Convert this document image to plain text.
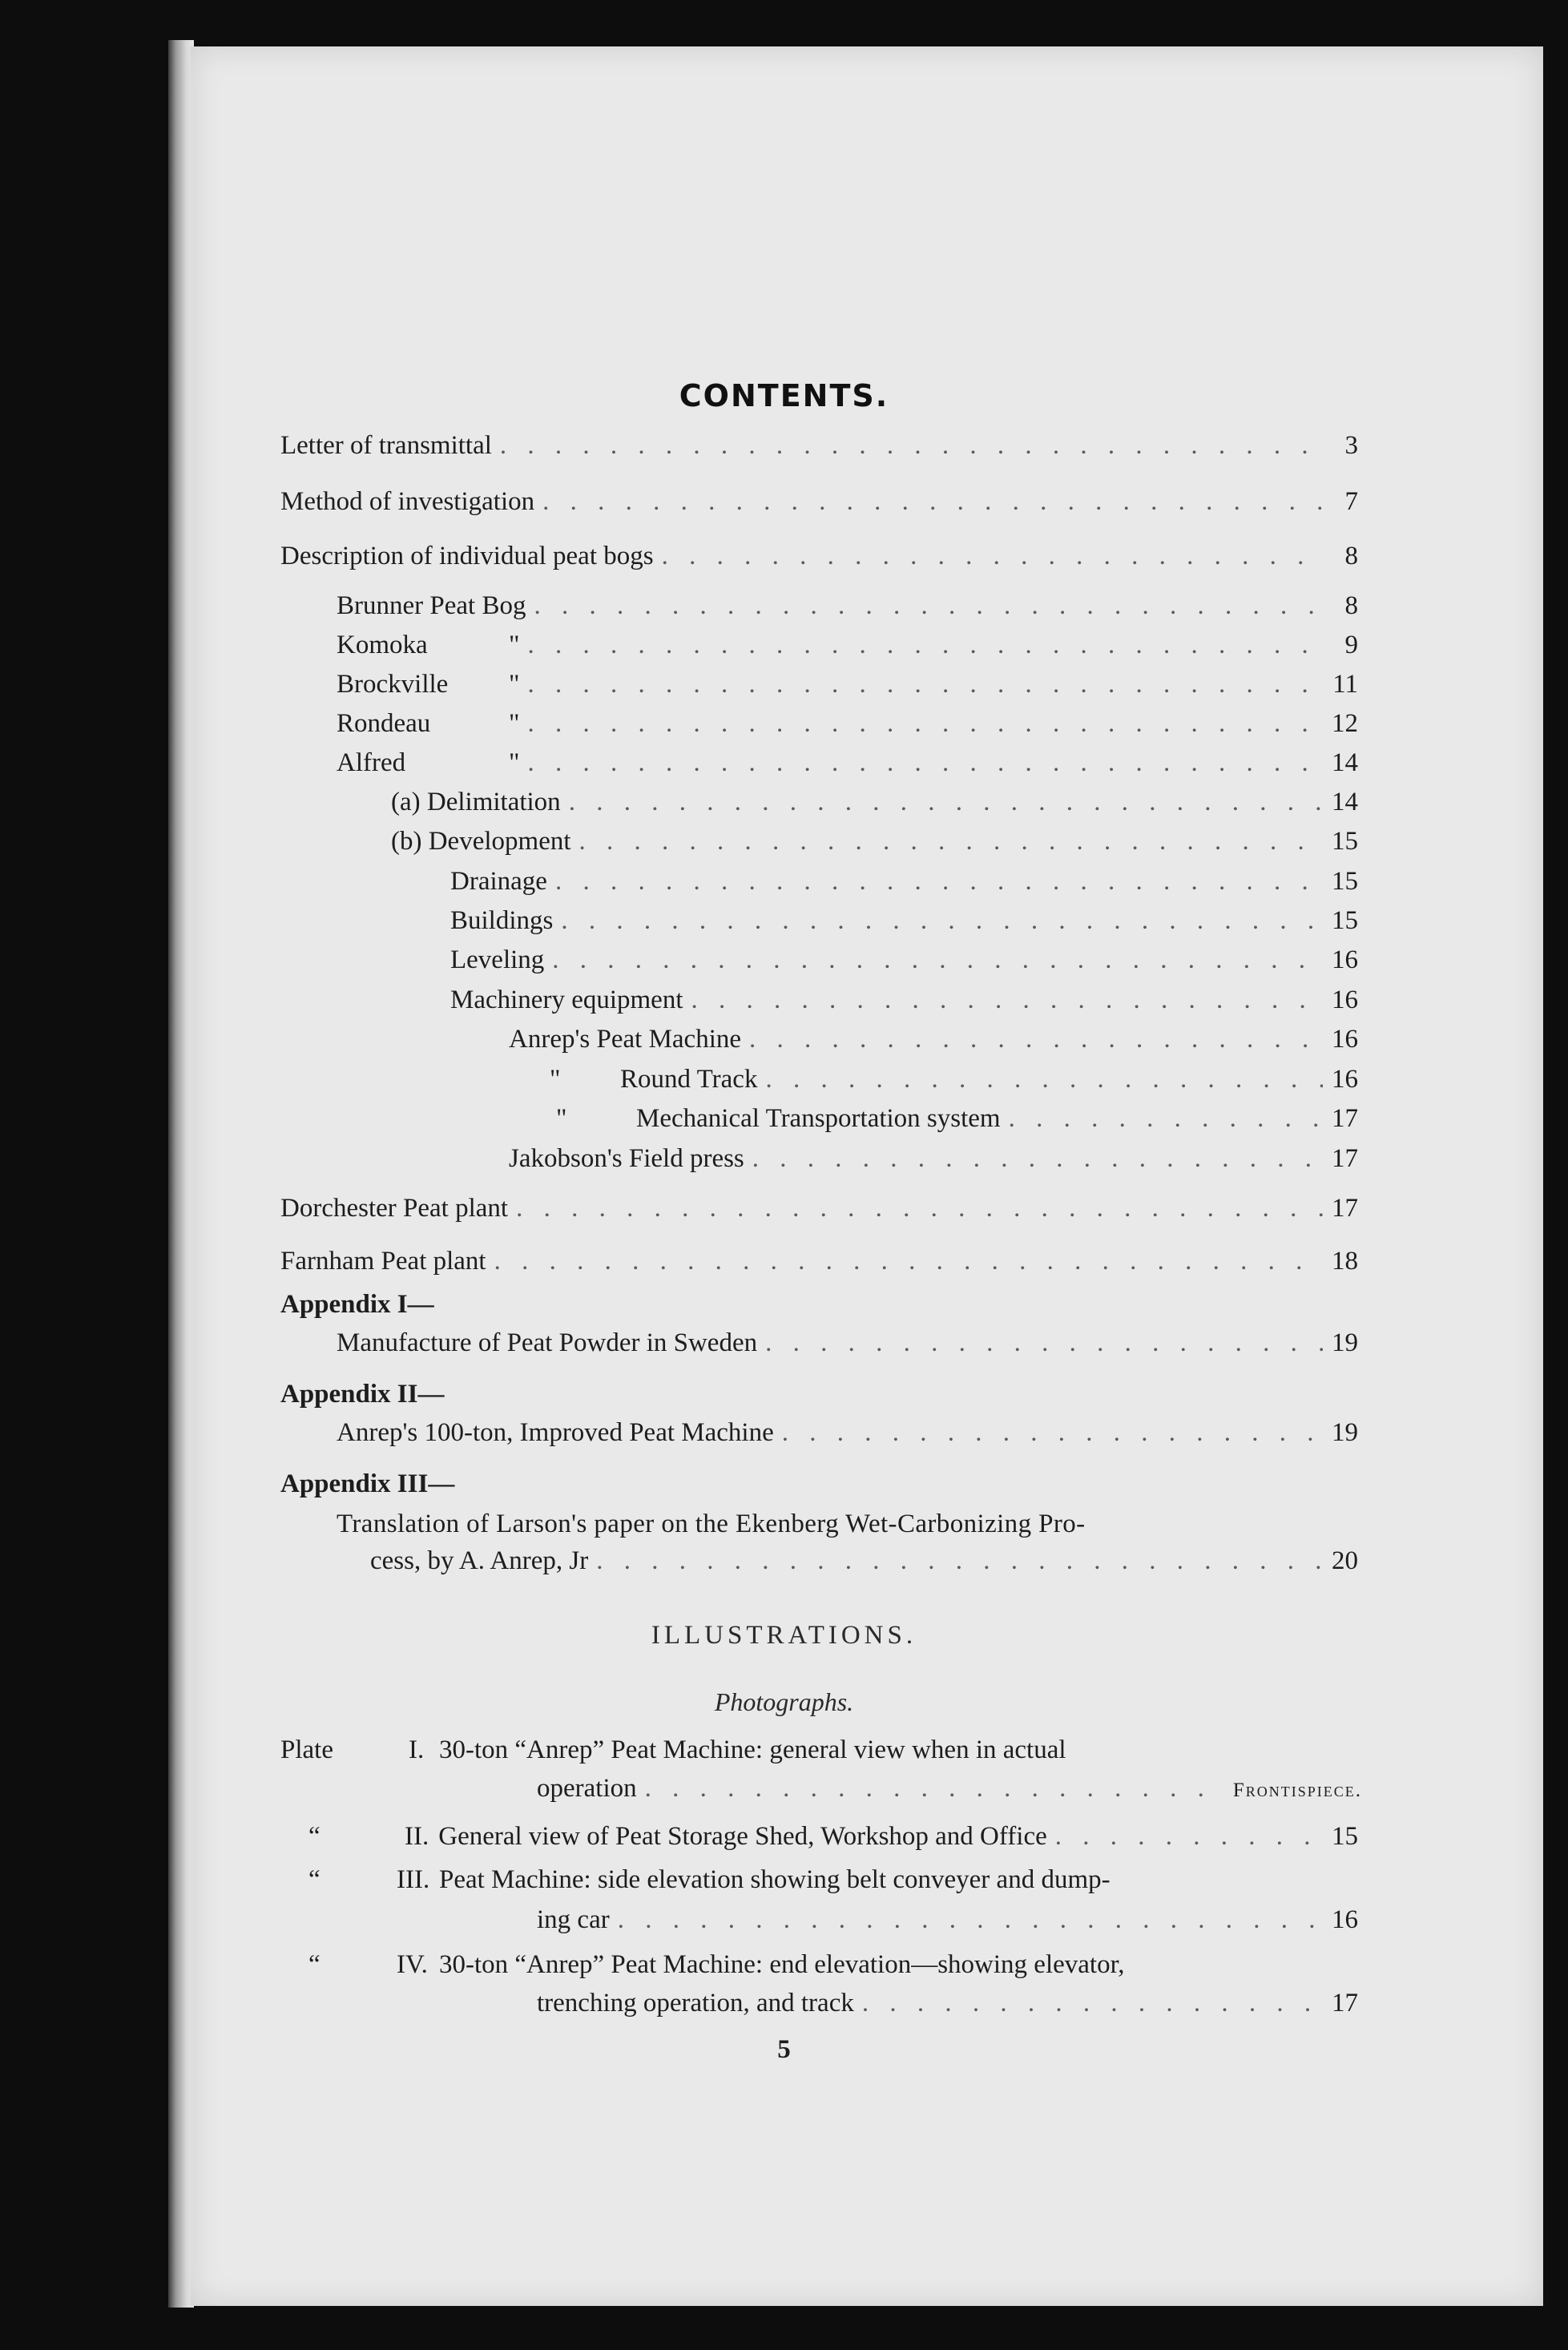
CONTENTS.
Letter of transmittal . . .	3
Method of investigation . . .	7
Description of individual peat bogs . . .	8
Brunner Peat Bog . . .	8
Komoka	" . . .	9
Brockville	" . . .	11
Rondeau	" . . .	12
Alfred	" . . .	14
(a) Delimitation . . .	14
(b) Development . . .	15
Drainage . . .	15
Buildings . . .	15
Leveling . . .	16
Machinery equipment . . .	16
Anrep's Peat Machine . . .	16
"	Round Track . . .	16
"	Mechanical Transportation system . . .	17
Jakobson's Field press . . .	17
Dorchester Peat plant . . .	17
Farnham Peat plant . . .	18
Appendix I—
Manufacture of Peat Powder in Sweden . . .	19
Appendix II—
Anrep's 100-ton, Improved Peat Machine . . .	19
Appendix III—
Translation of Larson's paper on the Ekenberg Wet-Carbonizing Pro-
cess, by A. Anrep, Jr . . .	20
ILLUSTRATIONS.
Photographs.
Plate	I. 30-ton “Anrep” Peat Machine: general view when in actual
operation . . .	Frontispiece.
“	II. General view of Peat Storage Shed, Workshop and Office . . .	15
“	III. Peat Machine: side elevation showing belt conveyer and dump-
ing car . . .	16
“	IV. 30-ton “Anrep” Peat Machine: end elevation—showing elevator,
trenching operation, and track . . .	17
5
